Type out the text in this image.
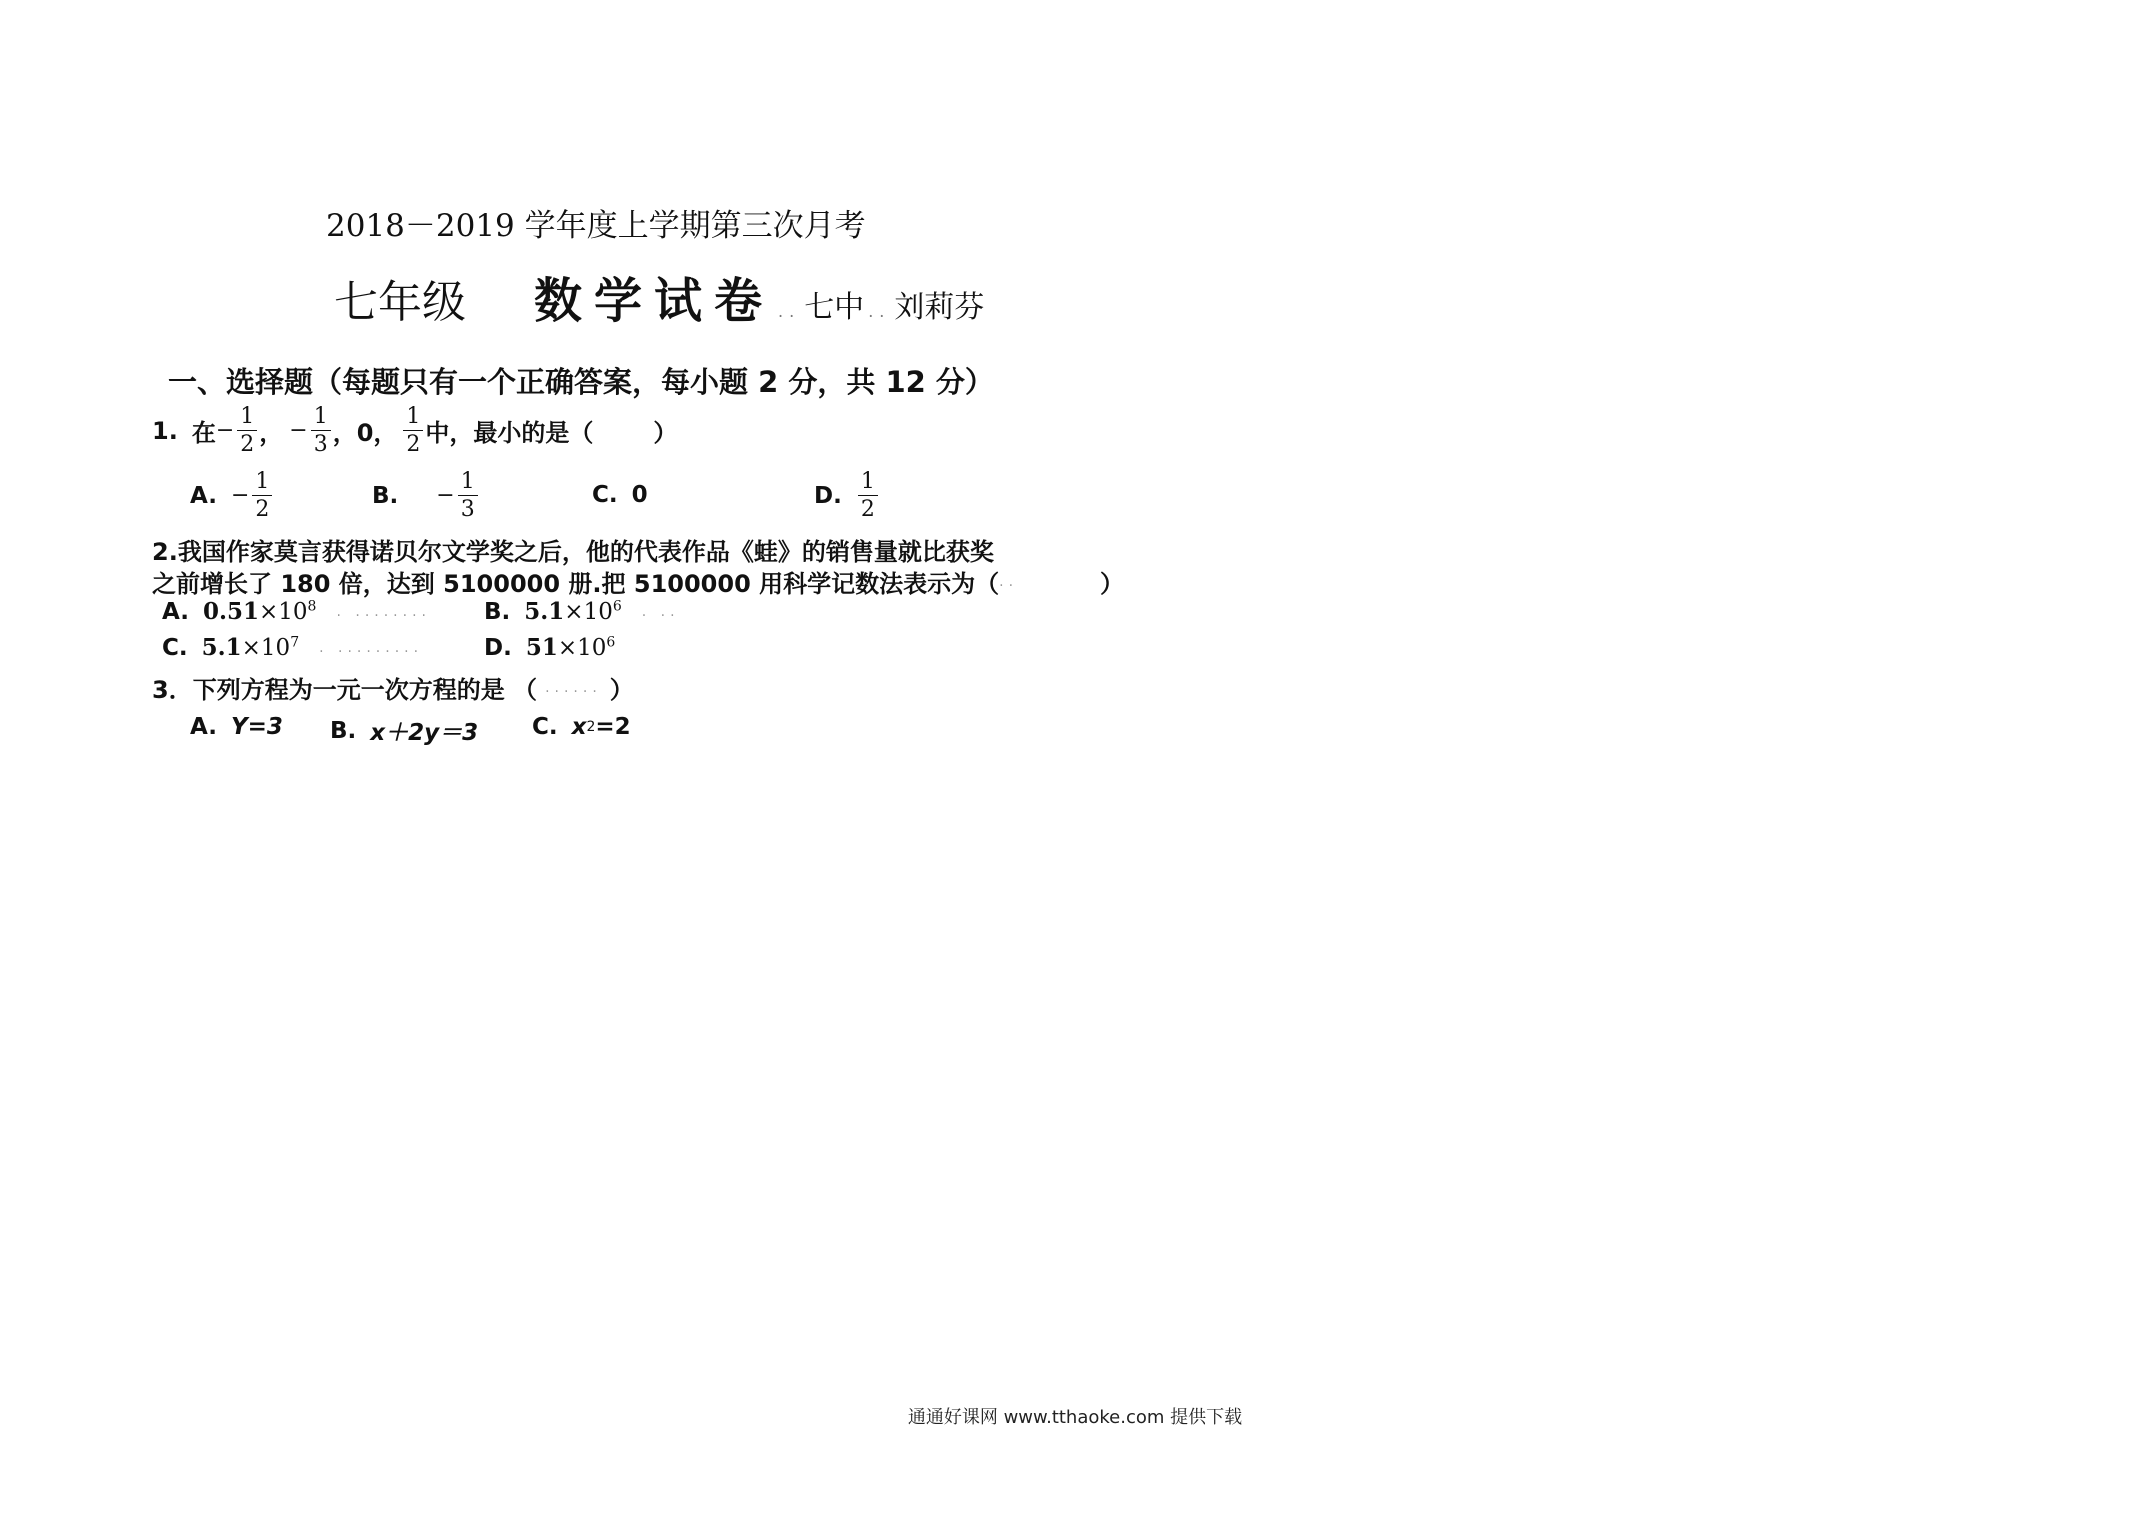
2018－2019 学年度上学期第三次月考
七年级 数学试卷 .. 七中 .. 刘莉芬
一、选择题（每题只有一个正确答案，每小题 2 分，共 12 分）
1. 在 − $\frac{1}{2}$ ， − $\frac{1}{3}$ ，0， $\frac{1}{2}$ 中，最小的是（	）
A. − $\frac{1}{2}$	B. − $\frac{1}{3}$	C. 0	D. $\frac{1}{2}$
2.我国作家莫言获得诺贝尔文学奖之后，他的代表作品《蛙》的销售量就比获奖
之前增长了 180 倍，达到 5100000 册.把 5100000 用科学记数法表示为（ ..	）
A. $0.51\times 10^8$ . ........ B. $5.1\times 10^6$ . ..
C. $5.1\times 10^7$ . .........	D. $51\times 10^6$
3．下列方程为一元一次方程的是 （ ...... ）
A. Y=3 B. x＋2y＝3 C. x 2 =2
通通好课网 www.tthaoke.com 提供下载
